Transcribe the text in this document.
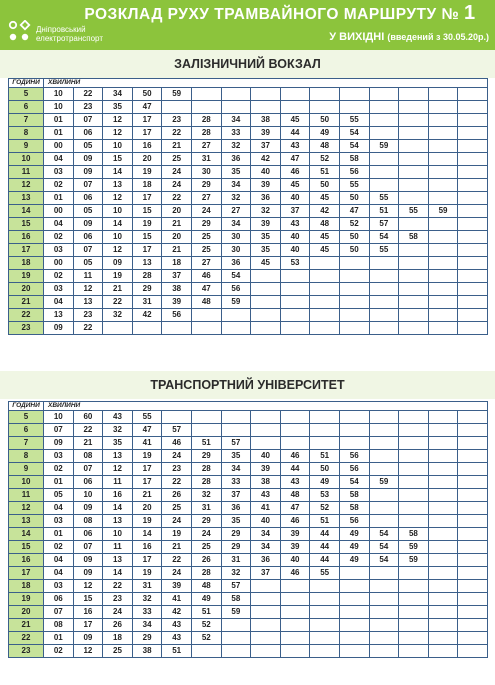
Дніпровський
електротранспорт
РОЗКЛАД РУХУ ТРАМВАЙНОГО МАРШРУТУ № 1
У ВИХІДНІ (введений з 30.05.20р.)
ЗАЛІЗНИЧНИЙ ВОКЗАЛ
ГОДИНИ	ХВИЛИНИ														
5	10	22	34	50	59										
6	10	23	35	47											
7	01	07	12	17	23	28	34	38	45	50	55				
8	01	06	12	17	22	28	33	39	44	49	54				
9	00	05	10	16	21	27	32	37	43	48	54	59			
10	04	09	15	20	25	31	36	42	47	52	58				
11	03	09	14	19	24	30	35	40	46	51	56				
12	02	07	13	18	24	29	34	39	45	50	55				
13	01	06	12	17	22	27	32	36	40	45	50	55			
14	00	05	10	15	20	24	27	32	37	42	47	51	55	59	
15	04	09	14	19	21	29	34	39	43	48	52	57			
16	02	06	10	15	20	25	30	35	40	45	50	54	58		
17	03	07	12	17	21	25	30	35	40	45	50	55			
18	00	05	09	13	18	27	36	45	53						
19	02	11	19	28	37	46	54								
20	03	12	21	29	38	47	56								
21	04	13	22	31	39	48	59								
22	13	23	32	42	56										
23	09	22													
ТРАНСПОРТНИЙ УНІВЕРСИТЕТ
ГОДИНИ	ХВИЛИНИ														
5	10	60	43	55											
6	07	22	32	47	57										
7	09	21	35	41	46	51	57								
8	03	08	13	19	24	29	35	40	46	51	56				
9	02	07	12	17	23	28	34	39	44	50	56				
10	01	06	11	17	22	28	33	38	43	49	54	59			
11	05	10	16	21	26	32	37	43	48	53	58				
12	04	09	14	20	25	31	36	41	47	52	58				
13	03	08	13	19	24	29	35	40	46	51	56				
14	01	06	10	14	19	24	29	34	39	44	49	54	58		
15	02	07	11	16	21	25	29	34	39	44	49	54	59		
16	04	09	13	17	22	26	31	36	40	44	49	54	59		
17	04	09	14	19	24	28	32	37	46	55					
18	03	12	22	31	39	48	57								
19	06	15	23	32	41	49	58								
20	07	16	24	33	42	51	59								
21	08	17	26	34	43	52									
22	01	09	18	29	43	52									
23	02	12	25	38	51										
